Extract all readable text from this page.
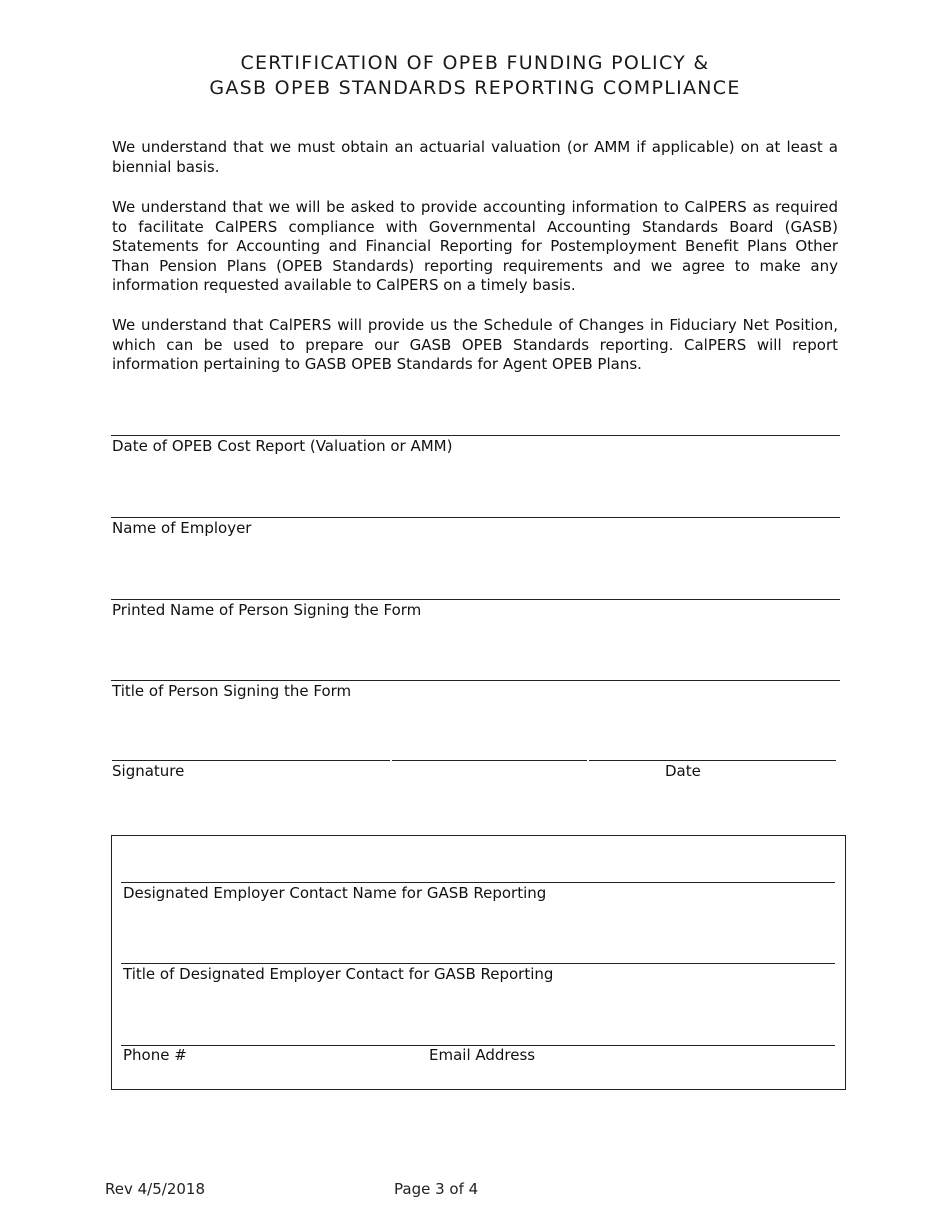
CERTIFICATION OF OPEB FUNDING POLICY &
GASB OPEB STANDARDS REPORTING COMPLIANCE
We understand that we must obtain an actuarial valuation (or AMM if applicable) on at least a biennial basis.
We understand that we will be asked to provide accounting information to CalPERS as required to facilitate CalPERS compliance with Governmental Accounting Standards Board (GASB) Statements for Accounting and Financial Reporting for Postemployment Benefit Plans Other Than Pension Plans (OPEB Standards) reporting requirements and we agree to make any information requested available to CalPERS on a timely basis.
We understand that CalPERS will provide us the Schedule of Changes in Fiduciary Net Position, which can be used to prepare our GASB OPEB Standards reporting. CalPERS will report information pertaining to GASB OPEB Standards for Agent OPEB Plans.
Date of OPEB Cost Report (Valuation or AMM)
Name of Employer
Printed Name of Person Signing the Form
Title of Person Signing the Form
Signature	Date
Designated Employer Contact Name for GASB Reporting
Title of Designated Employer Contact for GASB Reporting
Phone #	Email Address
Rev 4/5/2018	Page 3 of 4
